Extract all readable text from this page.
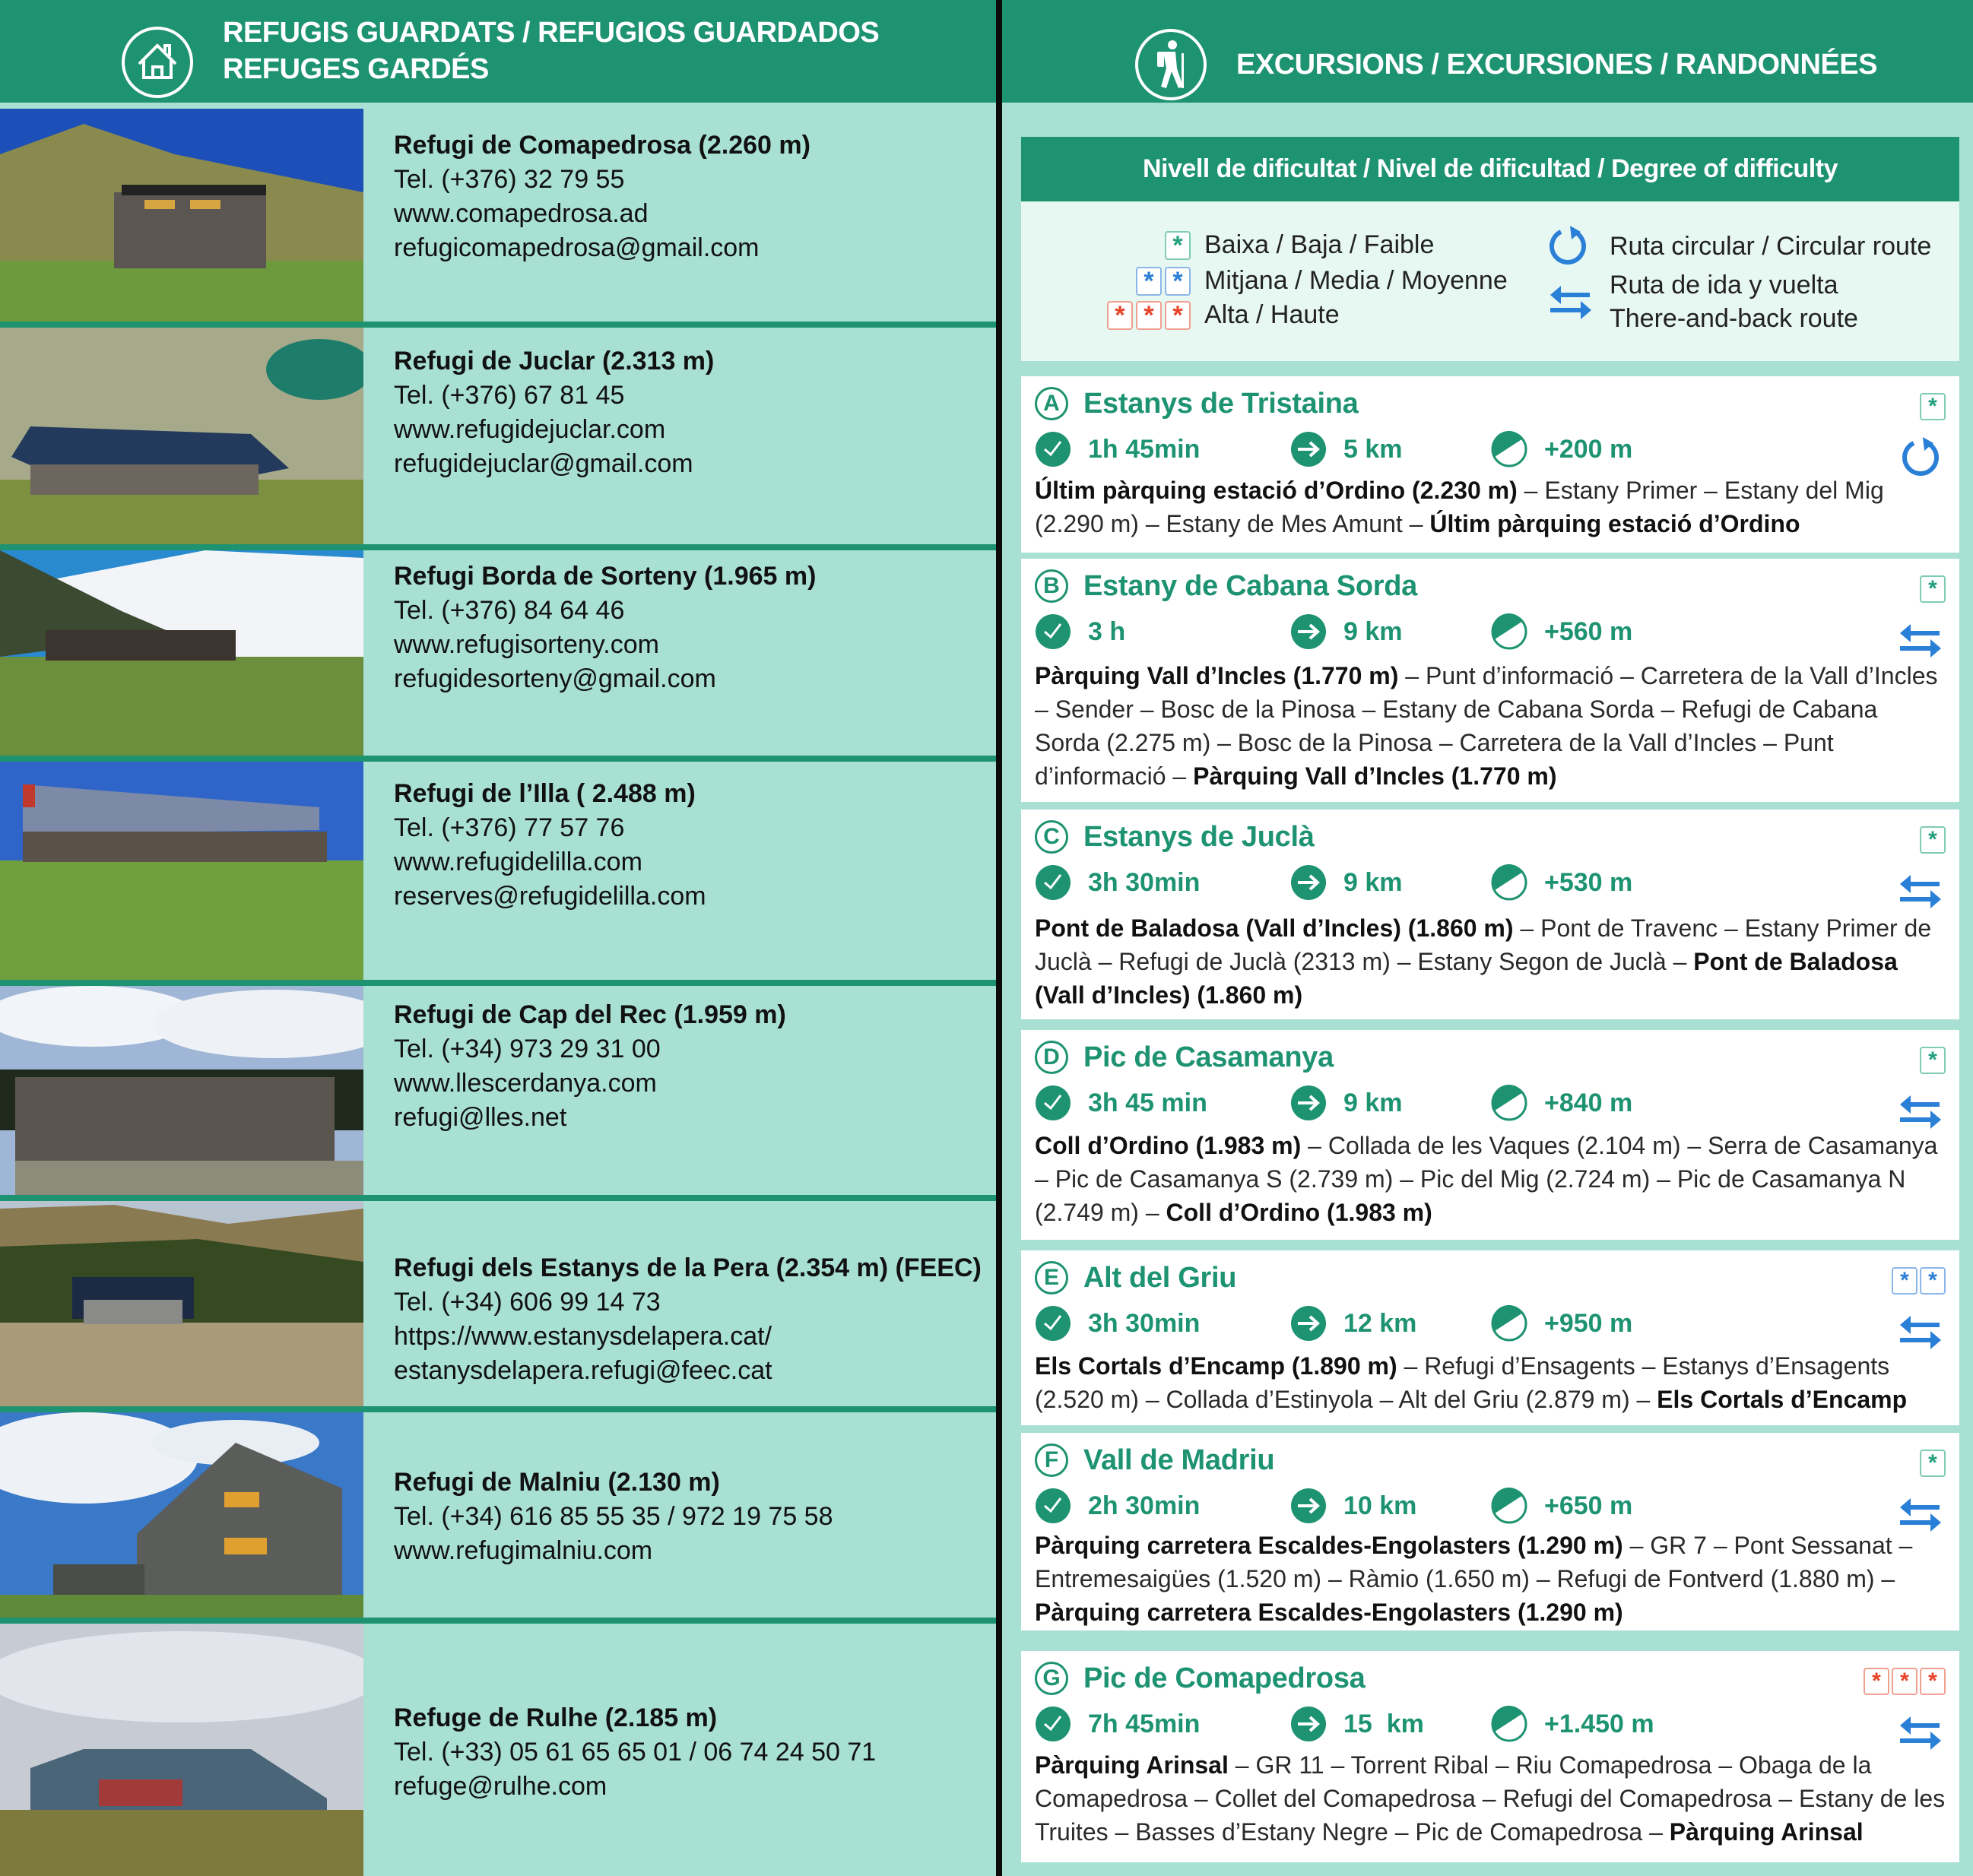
REFUGIS GUARDATS / REFUGIOS GUARDADOS
REFUGES GARDÉS
Refugi de Comapedrosa (2.260 m)
Tel. (+376) 32 79 55
www.comapedrosa.ad
refugicomapedrosa@gmail.com
Refugi de Juclar (2.313 m)
Tel. (+376) 67 81 45
www.refugidejuclar.com
refugidejuclar@gmail.com
Refugi Borda de Sorteny (1.965 m)
Tel. (+376) 84 64 46
www.refugisorteny.com
refugidesorteny@gmail.com
Refugi de l’Illa ( 2.488 m)
Tel. (+376) 77 57 76
www.refugidelilla.com
reserves@refugidelilla.com
Refugi de Cap del Rec (1.959 m)
Tel. (+34) 973 29 31 00
www.llescerdanya.com
refugi@lles.net
Refugi dels Estanys de la Pera (2.354 m) (FEEC)
Tel. (+34) 606 99 14 73
https://www.estanysdelapera.cat/
estanysdelapera.refugi@feec.cat
Refugi de Malniu (2.130 m)
Tel. (+34) 616 85 55 35 / 972 19 75 58
www.refugimalniu.com
Refuge de Rulhe (2.185 m)
Tel. (+33) 05 61 65 65 01 / 06 74 24 50 71
refuge@rulhe.com
EXCURSIONS / EXCURSIONES / RANDONNÉES
Nivell de dificultat / Nivel de dificultad / Degree of difficulty
* Baixa / Baja / Faible
* * Mitjana / Media / Moyenne
* * * Alta / Haute
Ruta circular / Circular route
Ruta de ida y vuelta
There-and-back route
A Estanys de Tristaina	*
1h 45min	5 km	+200 m
Últim pàrquing estació d’Ordino (2.230 m) – Estany Primer – Estany del Mig (2.290 m) – Estany de Mes Amunt – Últim pàrquing estació d’Ordino
B Estany de Cabana Sorda	*
3 h	9 km	+560 m
Pàrquing Vall d’Incles (1.770 m) – Punt d’informació – Carretera de la Vall d’Incles – Sender – Bosc de la Pinosa – Estany de Cabana Sorda – Refugi de Cabana Sorda (2.275 m) – Bosc de la Pinosa – Carretera de la Vall d’Incles – Punt d’informació – Pàrquing Vall d’Incles (1.770 m)
C Estanys de Juclà	*
3h 30min	9 km	+530 m
Pont de Baladosa (Vall d’Incles) (1.860 m) – Pont de Travenc – Estany Primer de Juclà – Refugi de Juclà (2313 m) – Estany Segon de Juclà – Pont de Baladosa (Vall d’Incles) (1.860 m)
D Pic de Casamanya	*
3h 45 min	9 km	+840 m
Coll d’Ordino (1.983 m) – Collada de les Vaques (2.104 m) – Serra de Casamanya – Pic de Casamanya S (2.739 m) – Pic del Mig (2.724 m) – Pic de Casamanya N (2.749 m) – Coll d’Ordino (1.983 m)
E Alt del Griu	* *
3h 30min	12 km	+950 m
Els Cortals d’Encamp (1.890 m) – Refugi d’Ensagents – Estanys d’Ensagents (2.520 m) – Collada d’Estinyola – Alt del Griu (2.879 m) – Els Cortals d’Encamp
F Vall de Madriu	*
2h 30min	10 km	+650 m
Pàrquing carretera Escaldes-Engolasters (1.290 m) – GR 7 – Pont Sessanat – Entremesaigües (1.520 m) – Ràmio (1.650 m) – Refugi de Fontverd (1.880 m) – Pàrquing carretera Escaldes-Engolasters (1.290 m)
G Pic de Comapedrosa	* * *
7h 45min	15  km	+1.450 m
Pàrquing Arinsal – GR 11 – Torrent Ribal – Riu Comapedrosa – Obaga de la Comapedrosa – Collet del Comapedrosa – Refugi del Comapedrosa – Estany de les Truites – Basses d’Estany Negre – Pic de Comapedrosa – Pàrquing Arinsal
